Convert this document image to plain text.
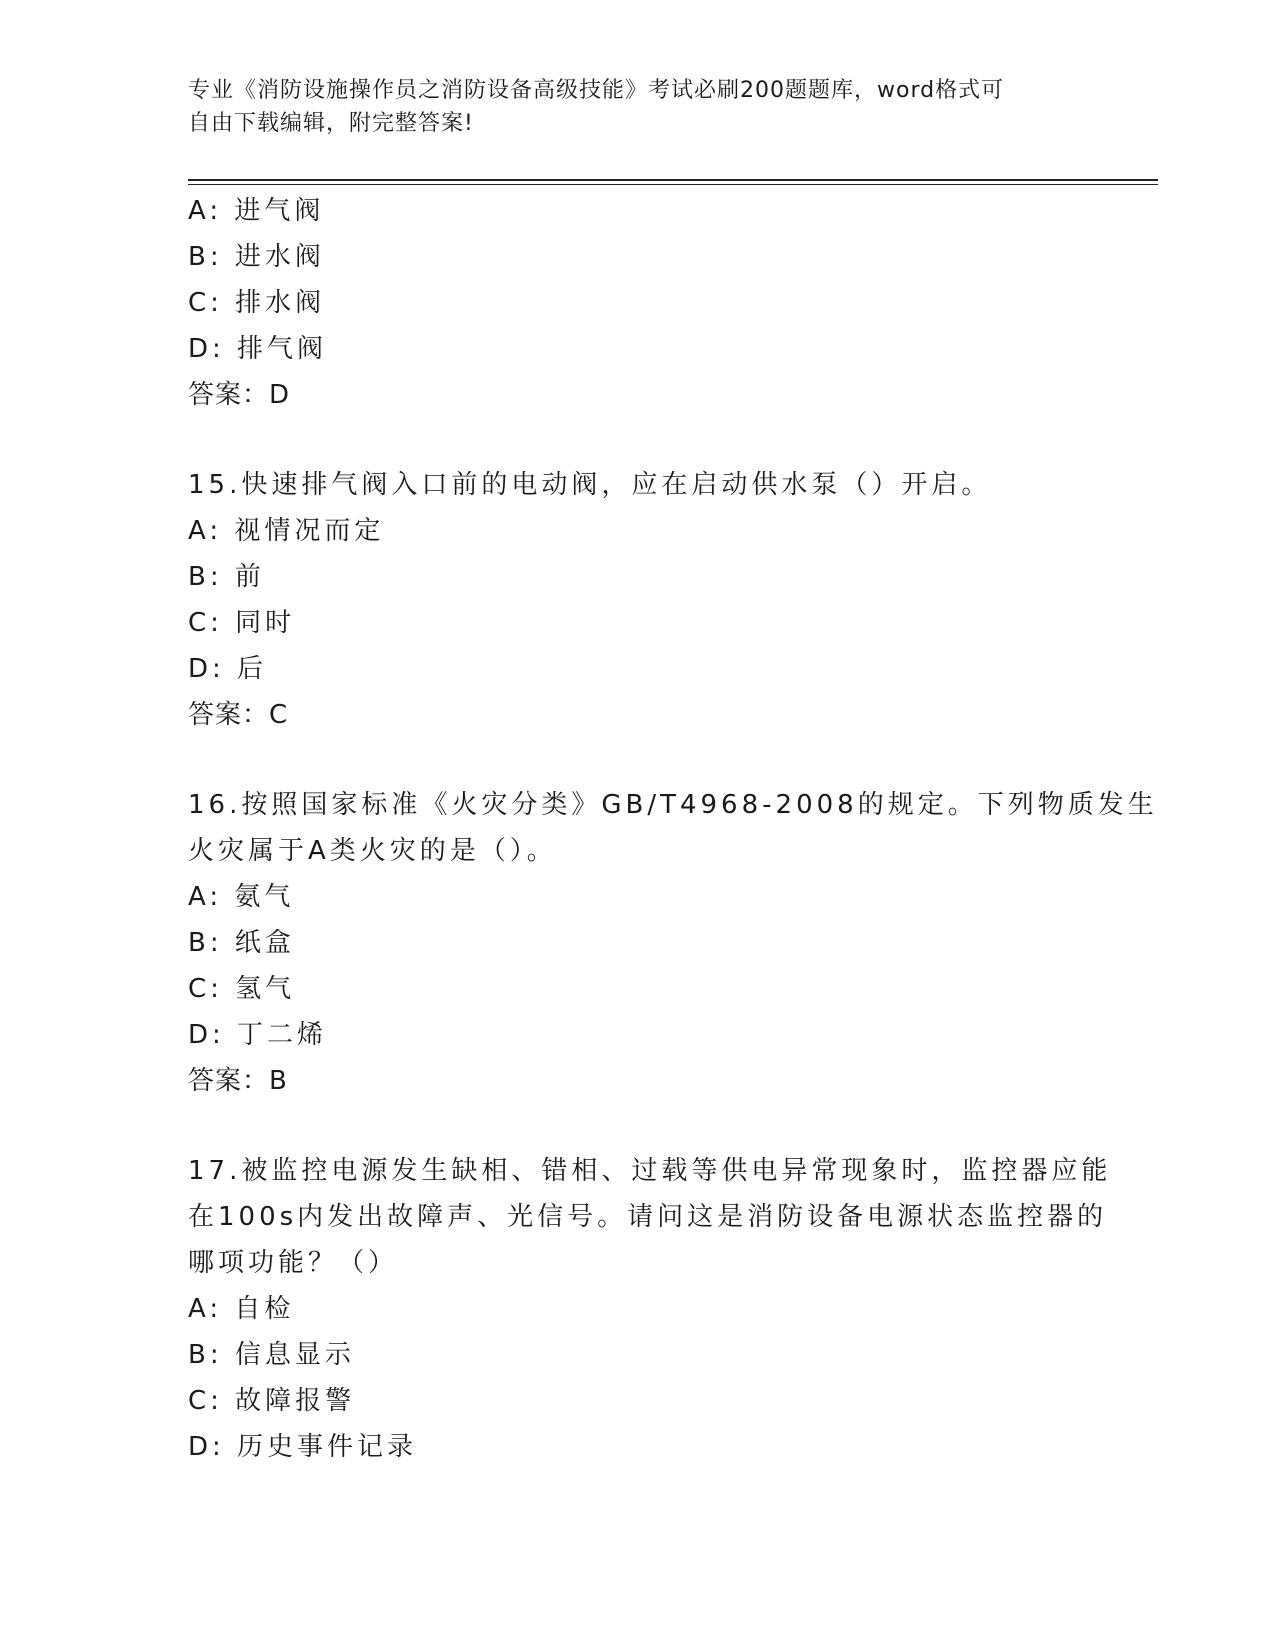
专业《消防设施操作员之消防设备高级技能》考试必刷200题题库，word格式可
自由下载编辑，附完整答案!
A: 进气阀
B: 进水阀
C: 排水阀
D: 排气阀
答案：D
15.快速排气阀入口前的电动阀，应在启动供水泵（）开启。
A: 视情况而定
B: 前
C: 同时
D: 后
答案：C
16.按照国家标准《火灾分类》GB/T4968-2008的规定。下列物质发生
火灾属于A类火灾的是（）。
A: 氨气
B: 纸盒
C: 氢气
D: 丁二烯
答案：B
17.被监控电源发生缺相、错相、过载等供电异常现象时，监控器应能
在100s内发出故障声、光信号。请问这是消防设备电源状态监控器的
哪项功能？（）
A: 自检
B: 信息显示
C: 故障报警
D: 历史事件记录
